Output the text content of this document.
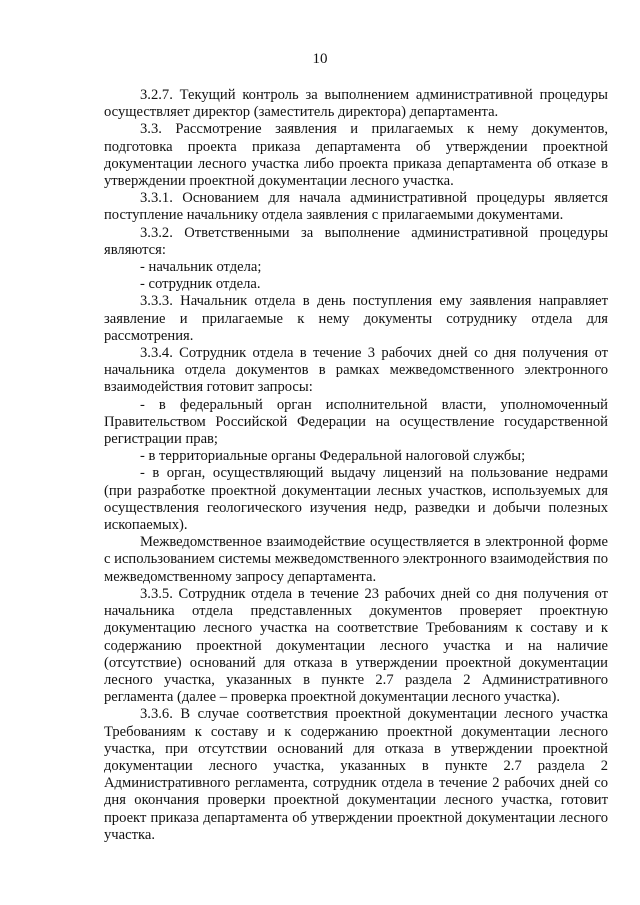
10

3.2.7. Текущий контроль за выполнением административной процедуры осуществляет директор (заместитель директора) департамента.

3.3. Рассмотрение заявления и прилагаемых к нему документов, подготовка проекта приказа департамента об утверждении проектной документации лесного участка либо проекта приказа департамента об отказе в утверждении проектной документации лесного участка.

3.3.1. Основанием для начала административной процедуры является поступление начальнику отдела заявления с прилагаемыми документами.

3.3.2. Ответственными за выполнение административной процедуры являются:

- начальник отдела;

- сотрудник отдела.

3.3.3. Начальник отдела в день поступления ему заявления направляет заявление и прилагаемые к нему документы сотруднику отдела для рассмотрения.

3.3.4. Сотрудник отдела в течение 3 рабочих дней со дня получения от начальника отдела документов в рамках межведомственного электронного взаимодействия готовит запросы:

- в федеральный орган исполнительной власти, уполномоченный Правительством Российской Федерации на осуществление государственной регистрации прав;

- в территориальные органы Федеральной налоговой службы;

- в орган, осуществляющий выдачу лицензий на пользование недрами (при разработке проектной документации лесных участков, используемых для осуществления геологического изучения недр, разведки и добычи полезных ископаемых).

Межведомственное взаимодействие осуществляется в электронной форме с использованием системы межведомственного электронного взаимодействия по межведомственному запросу департамента.

3.3.5. Сотрудник отдела в течение 23 рабочих дней со дня получения от начальника отдела представленных документов проверяет проектную документацию лесного участка на соответствие Требованиям к составу и к содержанию проектной документации лесного участка и на наличие (отсутствие) оснований для отказа в утверждении проектной документации лесного участка, указанных в пункте 2.7 раздела 2 Административного регламента (далее – проверка проектной документации лесного участка).

3.3.6. В случае соответствия проектной документации лесного участка Требованиям к составу и к содержанию проектной документации лесного участка, при отсутствии оснований для отказа в утверждении проектной документации лесного участка, указанных в пункте 2.7 раздела 2 Административного регламента, сотрудник отдела в течение 2 рабочих дней со дня окончания проверки проектной документации лесного участка, готовит проект приказа департамента об утверждении проектной документации лесного участка.
